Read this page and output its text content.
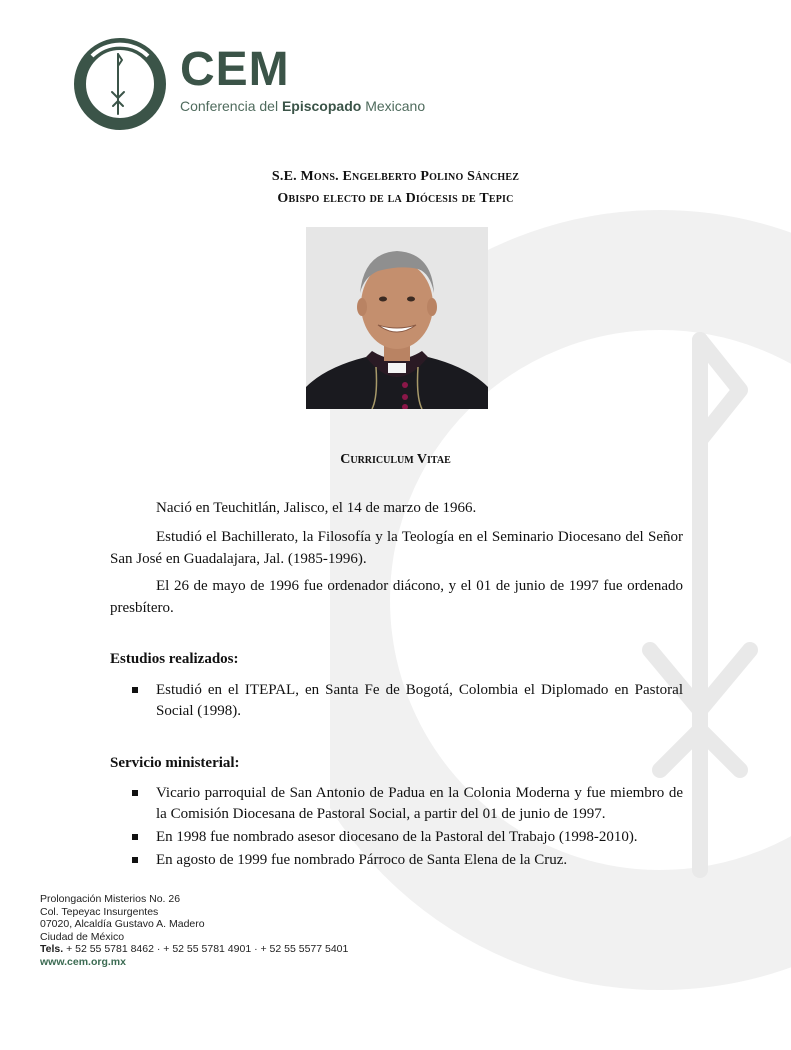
CEM
Conferencia del Episcopado Mexicano
S.E. Mons. Engelberto Polino Sánchez
Obispo electo de la Diócesis de Tepic
Curriculum Vitae
Nació en Teuchitlán, Jalisco, el 14 de marzo de 1966.
Estudió el Bachillerato, la Filosofía y la Teología en el Seminario Diocesano del Señor San José en Guadalajara, Jal. (1985-1996).
El 26 de mayo de 1996 fue ordenador diácono, y el 01 de junio de 1997 fue ordenado presbítero.
Estudios realizados:
Estudió en el ITEPAL, en Santa Fe de Bogotá, Colombia el Diplomado en Pastoral Social (1998).
Servicio ministerial:
Vicario parroquial de San Antonio de Padua en la Colonia Moderna y fue miembro de la Comisión Diocesana de Pastoral Social, a partir del 01 de junio de 1997.
En 1998 fue nombrado asesor diocesano de la Pastoral del Trabajo (1998-2010).
En agosto de 1999 fue nombrado Párroco de Santa Elena de la Cruz.
Prolongación Misterios No. 26
Col. Tepeyac Insurgentes
07020, Alcaldía Gustavo A. Madero
Ciudad de México
Tels. + 52 55 5781 8462 · + 52 55 5781 4901 · + 52 55 5577 5401
www.cem.org.mx
